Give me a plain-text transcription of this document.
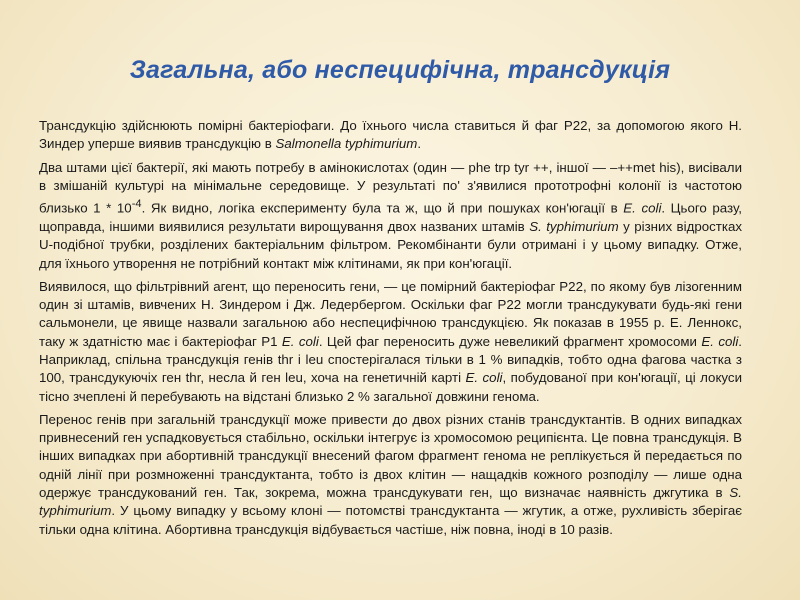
Загальна, або неспецифічна, трансдукція

Трансдукцію здійснюють помірні бактеріофаги. До їхнього числа ставиться й фаг Р22, за допомогою якого Н. Зиндер уперше виявив трансдукцію в Salmonella typhimurium.

Два штами цієї бактерії, які мають потребу в амінокислотах (один — phe trp tyr ++, іншої — –++met his), висівали в змішаній культурі на мінімальне середовище. У результаті по' з'явилися прототрофні колонії із частотою близько $1 * 10^{-4}$. Як видно, логіка експерименту була та ж, що й при пошуках кон'югації в E. coli. Цього разу, щоправда, іншими виявилися результати вирощування двох названих штамів S. typhimurium у різних відростках U-подібної трубки, розділених бактеріальним фільтром. Рекомбінанти були отримані і у цьому випадку. Отже, для їхнього утворення не потрібний контакт між клітинами, як при кон'югації.

Виявилося, що фільтрівний агент, що переносить гени, — це помірний бактеріофаг Р22, по якому був лізогенним один зі штамів, вивчених Н. Зиндером і Дж. Ледербергом. Оскільки фаг Р22 могли трансдукувати будь-які гени сальмонели, це явище назвали загальною або неспецифічною трансдукцією. Як показав в 1955 р. Е. Леннокс, таку ж здатністю має і бактеріофаг P1 E. coli. Цей фаг переносить дуже невеликий фрагмент хромосоми E. coli. Наприклад, спільна трансдукція генів thr і leu спостерігалася тільки в 1 % випадків, тобто одна фагова частка з 100, трансдукуючіх ген thr, несла й ген leu, хоча на генетичній карті E. coli, побудованої при кон'югації, ці локуси тісно зчеплені й перебувають на відстані близько 2 % загальної довжини генома.

Перенос генів при загальній трансдукції може привести до двох різних станів трансдуктантів. В одних випадках привнесений ген успадковується стабільно, оскільки інтегрує із хромосомою реципієнта. Це повна трансдукція. В інших випадках при абортивній трансдукції внесений фагом фрагмент генома не реплікується й передається по одній лінії при розмноженні трансдуктанта, тобто із двох клітин — нащадків кожного розподілу — лише одна одержує трансдукований ген. Так, зокрема, можна трансдукувати ген, що визначає наявність джгутика в S. typhimurium. У цьому випадку у всьому клоні — потомстві трансдуктанта — жгутик, а отже, рухливість зберігає тільки одна клітина. Абортивна трансдукція відбувається частіше, ніж повна, іноді в 10 разів.
